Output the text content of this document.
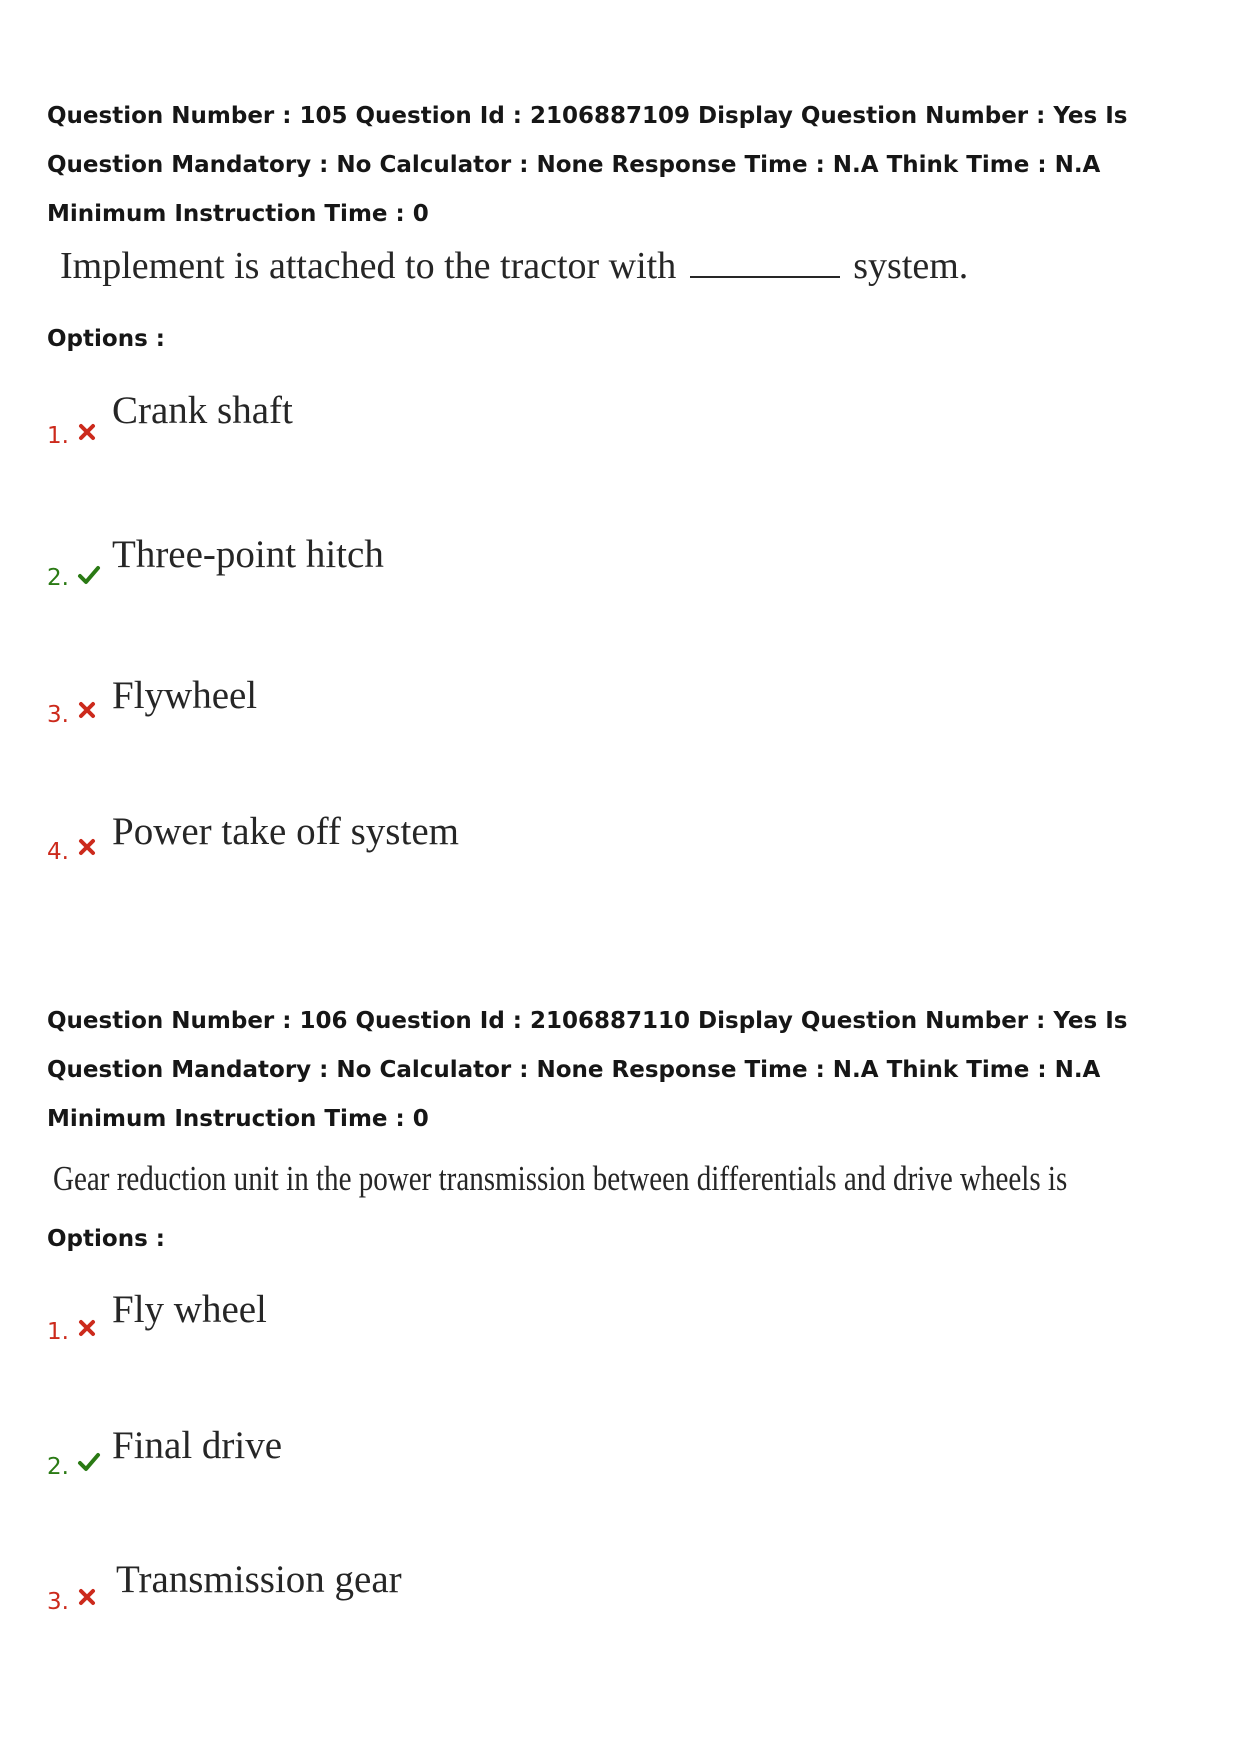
Question Number : 105 Question Id : 2106887109 Display Question Number : Yes Is Question Mandatory : No Calculator : None Response Time : N.A Think Time : N.A Minimum Instruction Time : 0
Implement is attached to the tractor with	system.
Options :
1.
Crank shaft
2.
Three-point hitch
3. Flywheel
4. Power take off system
Question Number : 106 Question Id : 2106887110 Display Question Number : Yes Is Question Mandatory : No Calculator : None Response Time : N.A Think Time : N.A Minimum Instruction Time : 0
Gear reduction unit in the power transmission between differentials and drive wheels is
Options :
1.
Fly wheel
2. Final drive
3.
Transmission gear
